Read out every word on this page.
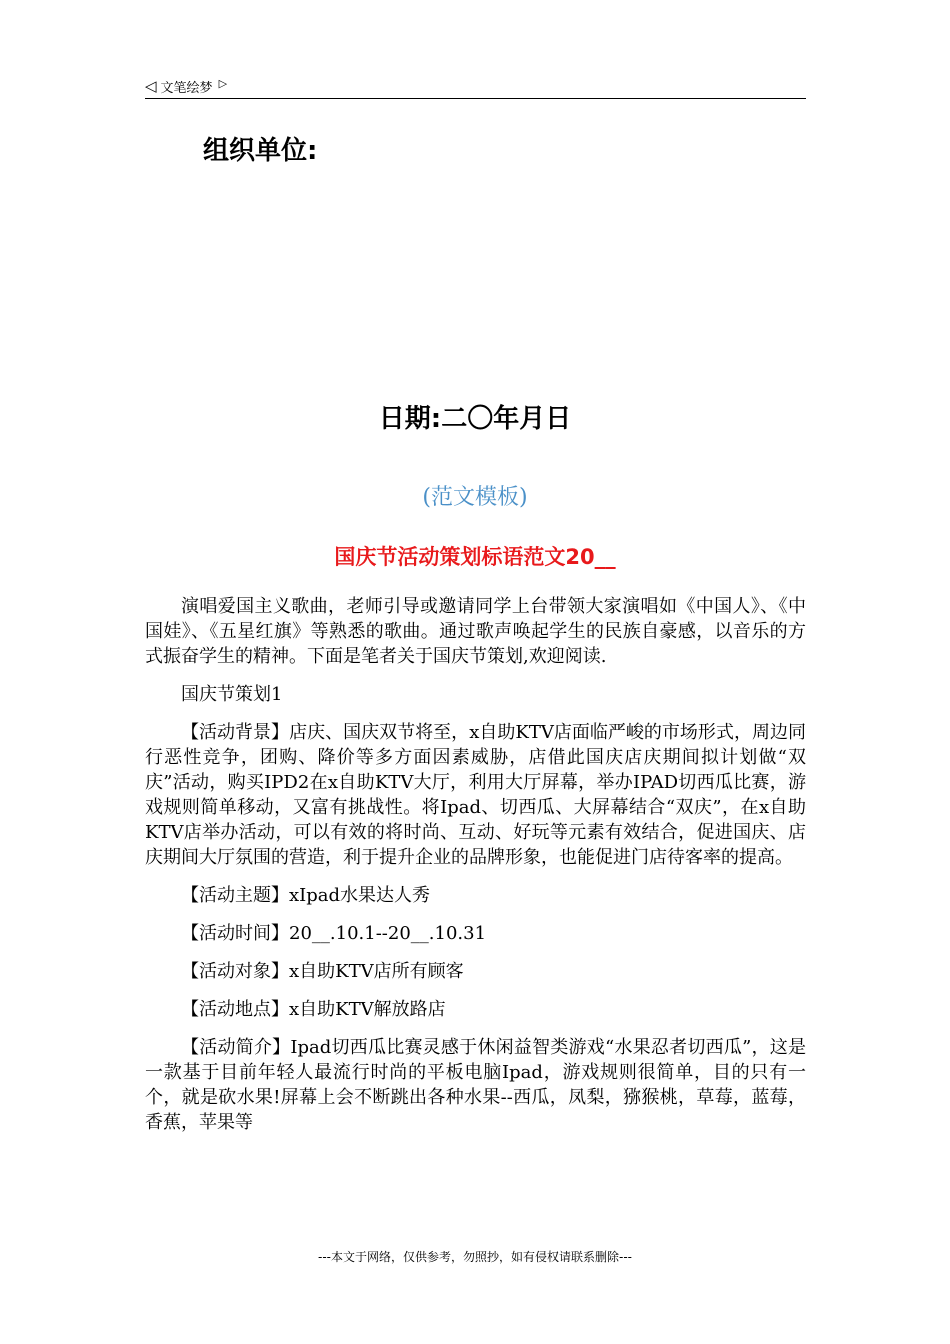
◁ 文笔绘梦 ▷
组织单位:
日期:二〇年月日
(范文模板)
国庆节活动策划标语范文20__

演唱爱国主义歌曲，老师引导或邀请同学上台带领大家演唱如《中国人》、《中国娃》、《五星红旗》等熟悉的歌曲。通过歌声唤起学生的民族自豪感，以音乐的方式振奋学生的精神。下面是笔者关于国庆节策划,欢迎阅读.

国庆节策划1

【活动背景】店庆、国庆双节将至，x自助KTV店面临严峻的市场形式，周边同行恶性竞争，团购、降价等多方面因素威胁，店借此国庆店庆期间拟计划做“双庆”活动，购买IPD2在x自助KTV大厅，利用大厅屏幕，举办IPAD切西瓜比赛，游戏规则简单移动，又富有挑战性。将Ipad、切西瓜、大屏幕结合“双庆”，在x自助KTV店举办活动，可以有效的将时尚、互动、好玩等元素有效结合，促进国庆、店庆期间大厅氛围的营造，利于提升企业的品牌形象，也能促进门店待客率的提高。

【活动主题】xIpad水果达人秀

【活动时间】20__.10.1--20__.10.31

【活动对象】x自助KTV店所有顾客

【活动地点】x自助KTV解放路店

【活动简介】Ipad切西瓜比赛灵感于休闲益智类游戏“水果忍者切西瓜”，这是一款基于目前年轻人最流行时尚的平板电脑Ipad，游戏规则很简单，目的只有一个，就是砍水果!屏幕上会不断跳出各种水果--西瓜，凤梨，猕猴桃，草莓，蓝莓，香蕉，苹果等

---本文于网络，仅供参考，勿照抄，如有侵权请联系删除---
